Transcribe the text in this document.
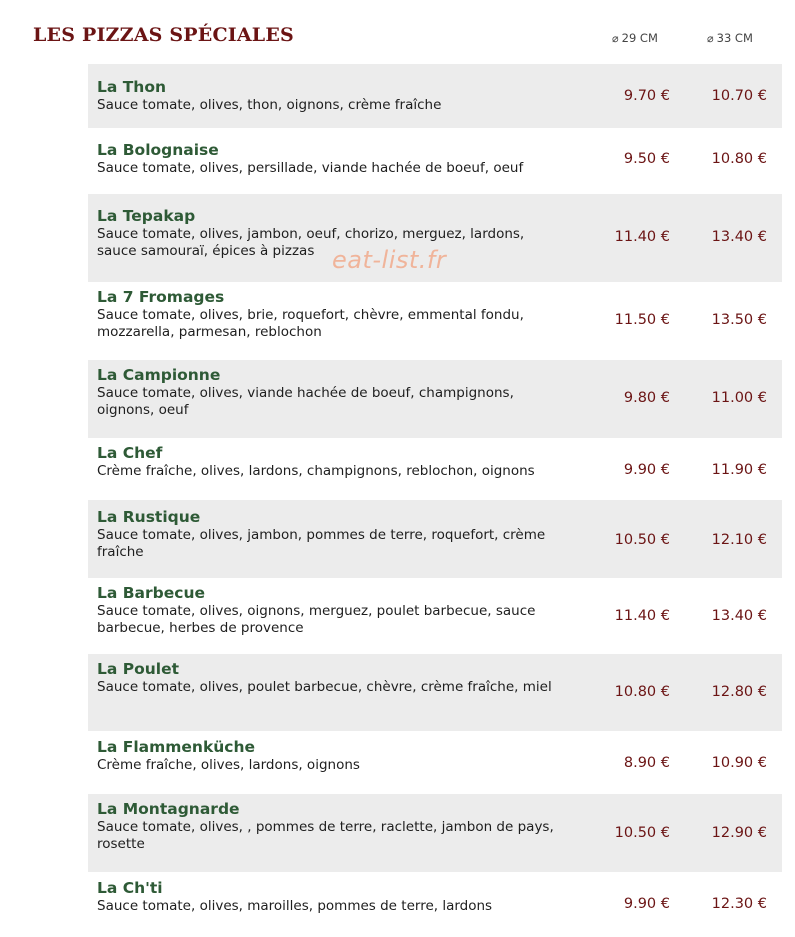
LES PIZZAS SPÉCIALES	⌀ 29 CM	⌀ 33 CM
La Thon
Sauce tomate, olives, thon, oignons, crème fraîche
9.70 €	10.70 €
La Bolognaise
Sauce tomate, olives, persillade, viande hachée de boeuf, oeuf
9.50 €	10.80 €
La Tepakap
Sauce tomate, olives, jambon, oeuf, chorizo, merguez, lardons, sauce samouraï, épices à pizzas
11.40 €	13.40 €
La 7 Fromages
Sauce tomate, olives, brie, roquefort, chèvre, emmental fondu, mozzarella, parmesan, reblochon
11.50 €	13.50 €
La Campionne
Sauce tomate, olives, viande hachée de boeuf, champignons, oignons, oeuf
9.80 €	11.00 €
La Chef
Crème fraîche, olives, lardons, champignons, reblochon, oignons	9.90 €	11.90 €
La Rustique
Sauce tomate, olives, jambon, pommes de terre, roquefort, crème fraîche
10.50 €	12.10 €
La Barbecue
Sauce tomate, olives, oignons, merguez, poulet barbecue, sauce barbecue, herbes de provence
11.40 €	13.40 €
La Poulet
Sauce tomate, olives, poulet barbecue, chèvre, crème fraîche, miel	10.80 €	12.80 €
La Flammenküche
Crème fraîche, olives, lardons, oignons	8.90 €	10.90 €
La Montagnarde
Sauce tomate, olives, , pommes de terre, raclette, jambon de pays, rosette
10.50 €	12.90 €
La Ch'ti
Sauce tomate, olives, maroilles, pommes de terre, lardons	9.90 €	12.30 €
eat-list.fr
